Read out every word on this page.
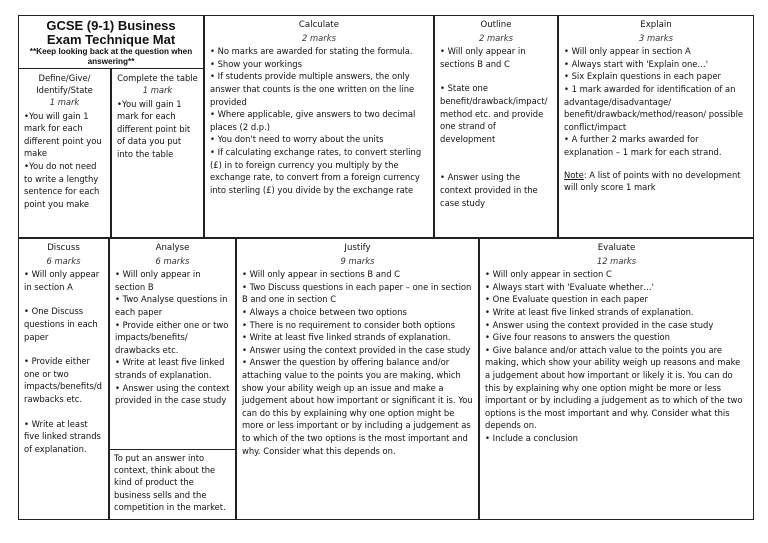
GCSE (9-1) Business
Exam Technique Mat
**Keep looking back at the question when answering**
Define/Give/ Identify/State
1 mark

•You will gain 1 mark for each different point you make

•You do not need to write a lengthy sentence for each point you make

Complete the table
1 mark

•You will gain 1 mark for each different point bit of data you put into the table

Calculate
2 marks

• No marks are awarded for stating the formula.

• Show your workings

• If students provide multiple answers, the only answer that counts is the one written on the line provided

• Where applicable, give answers to two decimal places (2 d.p.)

• You don't need to worry about the units

• If calculating exchange rates, to convert sterling (£) in to foreign currency you multiply by the exchange rate, to convert from a foreign currency into sterling (£) you divide by the exchange rate

Outline
2 marks

• Will only appear in sections B and C

• State one benefit/drawback/impact/ method etc. and provide one strand of development

• Answer using the context provided in the case study

Explain
3 marks

• Will only appear in section A

• Always start with 'Explain one…'

• Six Explain questions in each paper

• 1 mark awarded for identification of an advantage/disadvantage/ benefit/drawback/method/reason/ possible conflict/impact

• A further 2 marks awarded for explanation – 1 mark for each strand.

Note: A list of points with no development will only score 1 mark

Discuss
6 marks

• Will only appear in section A

• One Discuss questions in each paper

• Provide either one or two impacts/benefits/d rawbacks etc.

• Write at least five linked strands of explanation.

Analyse
6 marks

• Will only appear in section B

• Two Analyse questions in each paper

• Provide either one or two impacts/benefits/ drawbacks etc.

• Write at least five linked strands of explanation.

• Answer using the context provided in the case study

To put an answer into context, think about the kind of product the business sells and the competition in the market.
Justify
9 marks

• Will only appear in sections B and C

• Two Discuss questions in each paper – one in section B and one in section C

• Always a choice between two options

• There is no requirement to consider both options

• Write at least five linked strands of explanation.

• Answer using the context provided in the case study

• Answer the question by offering balance and/or attaching value to the points you are making, which show your ability weigh up an issue and make a judgement about how important or significant it is. You can do this by explaining why one option might be more or less important or by including a judgement as to which of the two options is the most important and why. Consider what this depends on.

Evaluate
12 marks

• Will only appear in section C

• Always start with 'Evaluate whether…'

• One Evaluate question in each paper

• Write at least five linked strands of explanation.

• Answer using the context provided in the case study

• Give four reasons to answers the question

• Give balance and/or attach value to the points you are making, which show your ability weigh up reasons and make a judgement about how important or likely it is. You can do this by explaining why one option might be more or less important or by including a judgement as to which of the two options is the most important and why. Consider what this depends on.

• Include a conclusion
